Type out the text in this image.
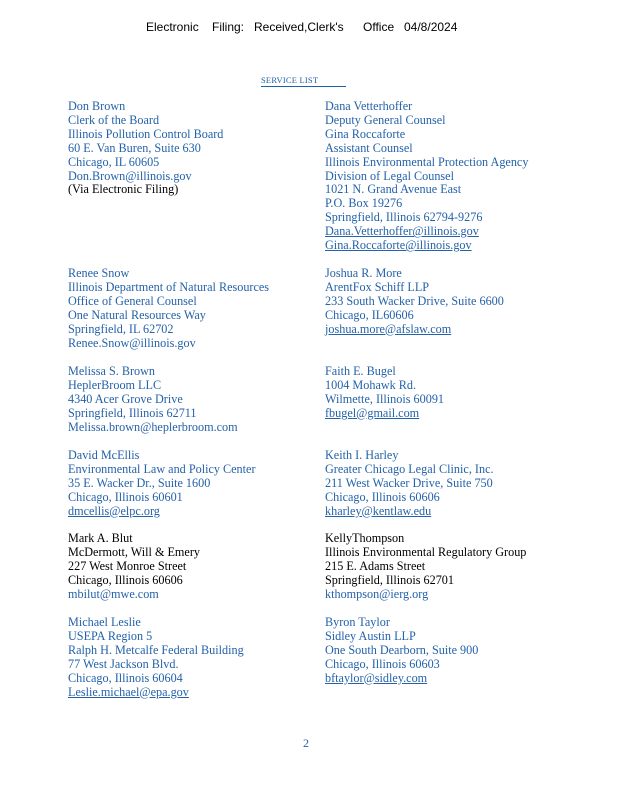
Electronic

Filing:

Received,Clerk's

Office

04/8/2024

SERVICE LIST
Don Brown
Clerk of the Board
Illinois Pollution Control Board
60 E. Van Buren, Suite 630
Chicago, IL 60605
Don.Brown@illinois.gov
(Via Electronic Filing)
Renee Snow
Illinois Department of Natural Resources
Office of General Counsel
One Natural Resources Way
Springfield, IL 62702
Renee.Snow@illinois.gov
Melissa S. Brown
HeplerBroom LLC
4340 Acer Grove Drive
Springfield, Illinois 62711
Melissa.brown@heplerbroom.com
David McEllis
Environmental Law and Policy Center
35 E. Wacker Dr., Suite 1600
Chicago, Illinois 60601
dmcellis@elpc.org
Mark A. Blut
McDermott, Will & Emery
227 West Monroe Street
Chicago, Illinois 60606
mbilut@mwe.com
Michael Leslie
USEPA Region 5
Ralph H. Metcalfe Federal Building
77 West Jackson Blvd.
Chicago, Illinois 60604
Leslie.michael@epa.gov
Dana Vetterhoffer
Deputy General Counsel
Gina Roccaforte
Assistant Counsel
Illinois Environmental Protection Agency
Division of Legal Counsel
1021 N. Grand Avenue East
P.O. Box 19276
Springfield, Illinois 62794-9276
Dana.Vetterhoffer@illinois.gov
Gina.Roccaforte@illinois.gov
Joshua R. More
ArentFox Schiff LLP
233 South Wacker Drive, Suite 6600
Chicago, IL60606
joshua.more@afslaw.com
Faith E. Bugel
1004 Mohawk Rd.
Wilmette, Illinois 60091
fbugel@gmail.com
Keith I. Harley
Greater Chicago Legal Clinic, Inc.
211 West Wacker Drive, Suite 750
Chicago, Illinois 60606
kharley@kentlaw.edu
KellyThompson
Illinois Environmental Regulatory Group
215 E. Adams Street
Springfield, Illinois 62701
kthompson@ierg.org
Byron Taylor
Sidley Austin LLP
One South Dearborn, Suite 900
Chicago, Illinois 60603
bftaylor@sidley.com
2
